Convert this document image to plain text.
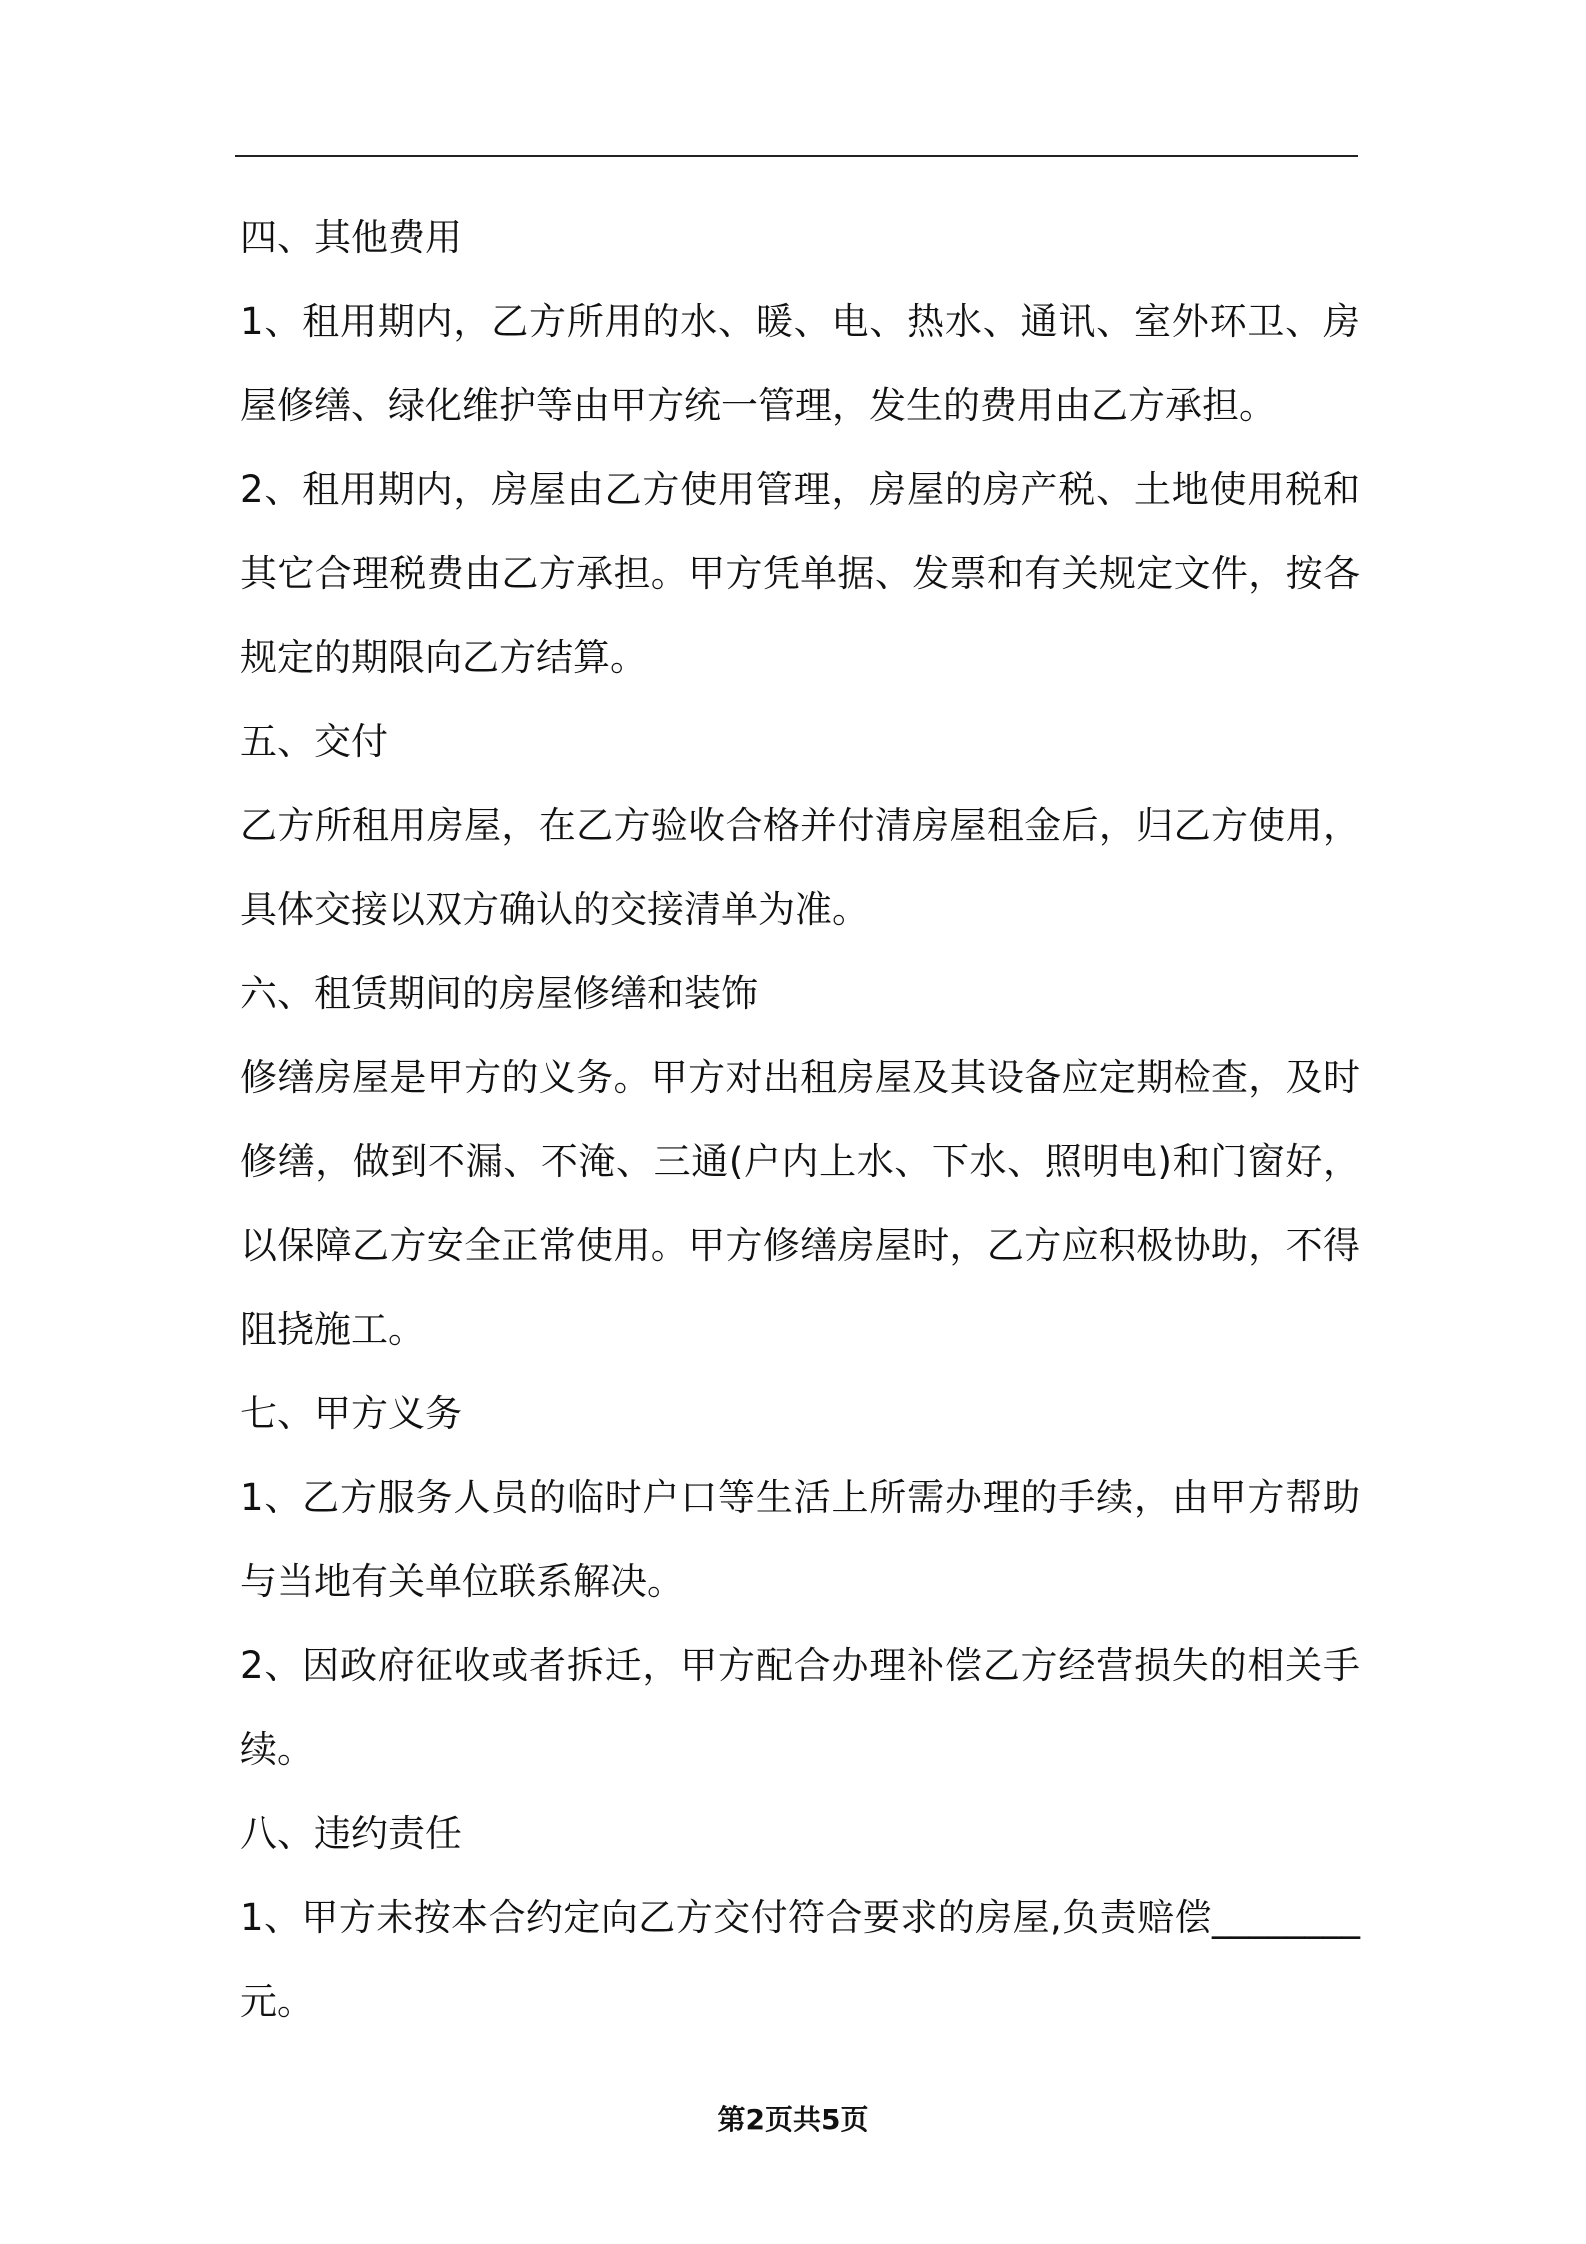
四、其他费用
1、租用期内，乙方所用的水、暖、电、热水、通讯、室外环卫、房
屋修缮、绿化维护等由甲方统一管理，发生的费用由乙方承担。
2、租用期内，房屋由乙方使用管理，房屋的房产税、土地使用税和
其它合理税费由乙方承担。甲方凭单据、发票和有关规定文件，按各
规定的期限向乙方结算。
五、交付
乙方所租用房屋，在乙方验收合格并付清房屋租金后，归乙方使用，
具体交接以双方确认的交接清单为准。
六、租赁期间的房屋修缮和装饰
修缮房屋是甲方的义务。甲方对出租房屋及其设备应定期检查，及时
修缮，做到不漏、不淹、三通(户内上水、下水、照明电)和门窗好，
以保障乙方安全正常使用。甲方修缮房屋时，乙方应积极协助，不得
阻挠施工。
七、甲方义务
1、乙方服务人员的临时户口等生活上所需办理的手续，由甲方帮助
与当地有关单位联系解决。
2、因政府征收或者拆迁，甲方配合办理补偿乙方经营损失的相关手
续。
八、违约责任
1、甲方未按本合约定向乙方交付符合要求的房屋,负责赔偿________
元。
第2页共5页
